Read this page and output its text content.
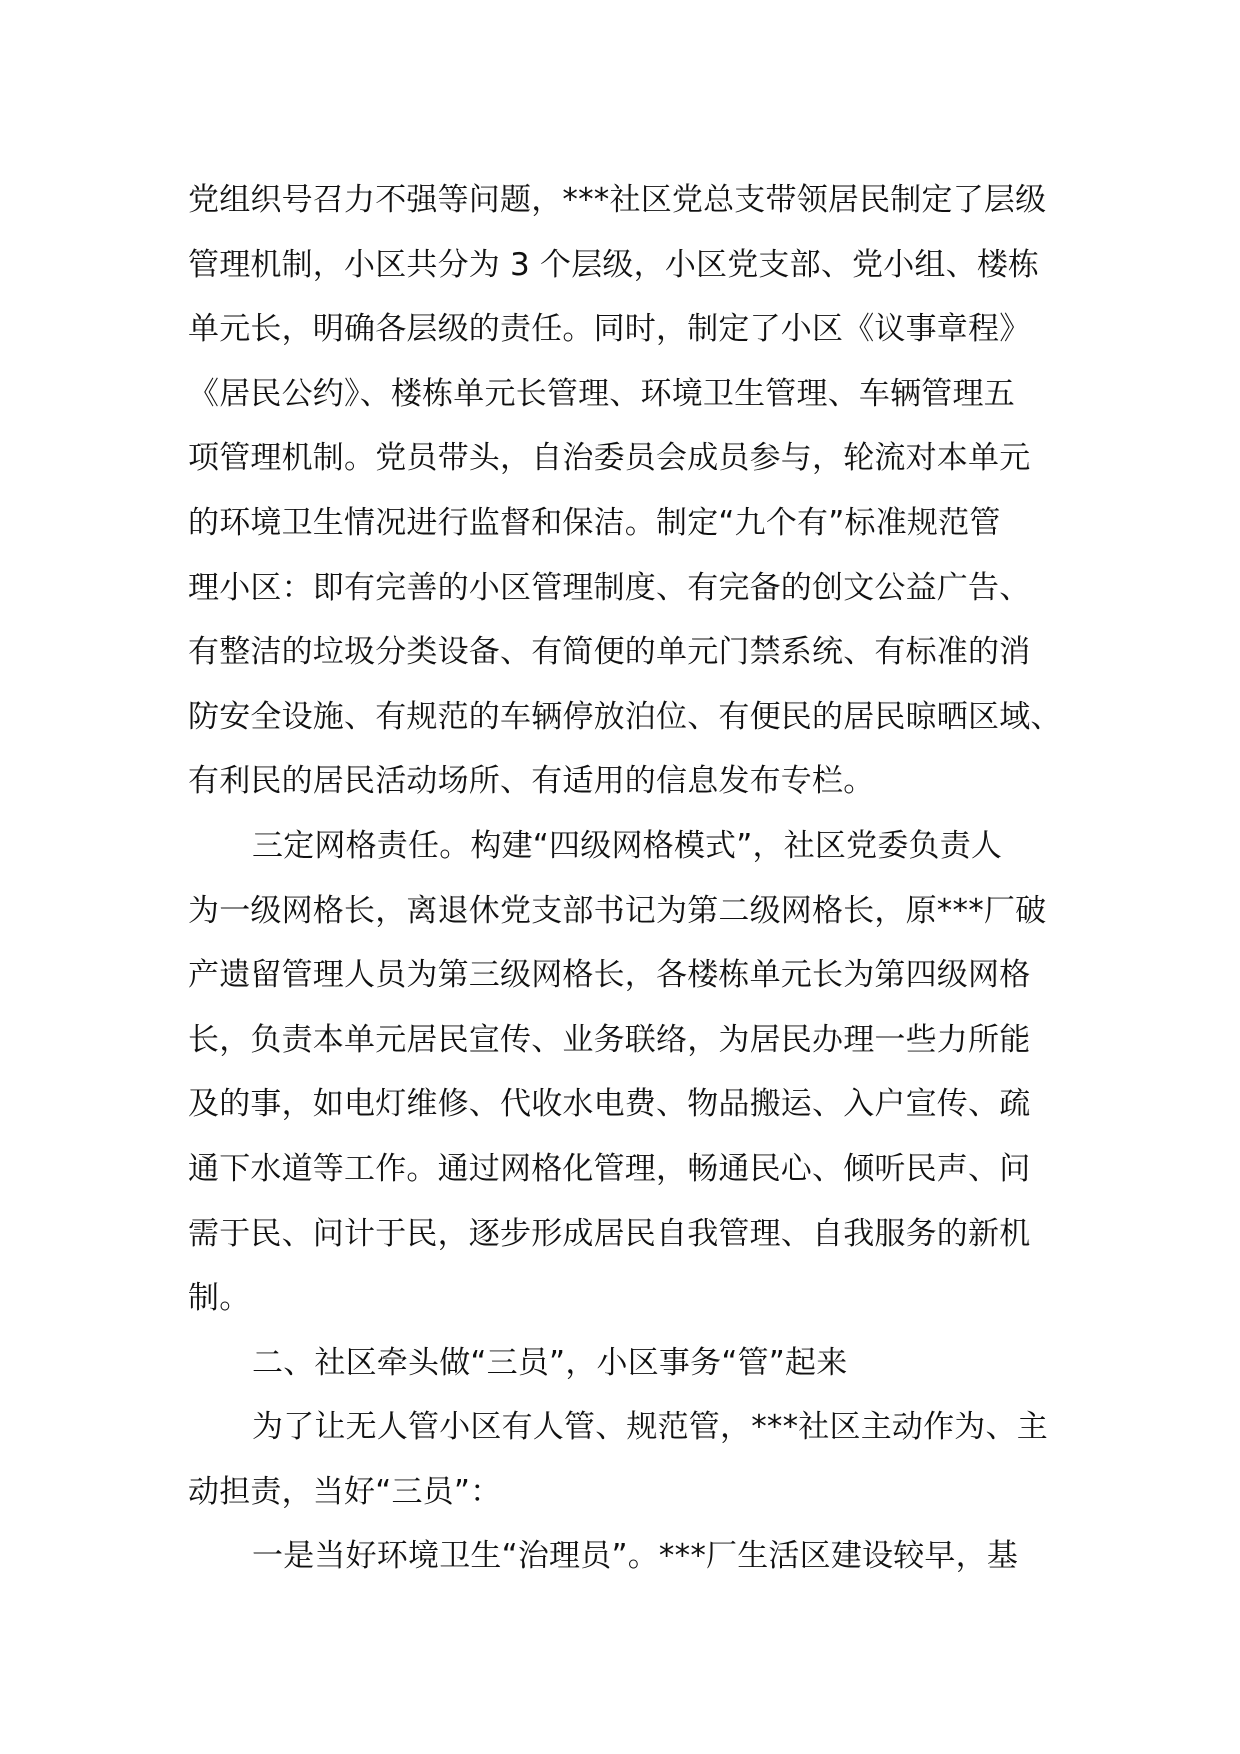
党组织号召力不强等问题，***社区党总支带领居民制定了层级
管理机制，小区共分为 3 个层级，小区党支部、党小组、楼栋
单元长，明确各层级的责任。同时，制定了小区《议事章程》
《居民公约》、楼栋单元长管理、环境卫生管理、车辆管理五
项管理机制。党员带头，自治委员会成员参与，轮流对本单元
的环境卫生情况进行监督和保洁。制定“九个有”标准规范管
理小区：即有完善的小区管理制度、有完备的创文公益广告、
有整洁的垃圾分类设备、有简便的单元门禁系统、有标准的消
防安全设施、有规范的车辆停放泊位、有便民的居民晾晒区域、
有利民的居民活动场所、有适用的信息发布专栏。
三定网格责任。构建“四级网格模式”，社区党委负责人
为一级网格长，离退休党支部书记为第二级网格长，原***厂破
产遗留管理人员为第三级网格长，各楼栋单元长为第四级网格
长，负责本单元居民宣传、业务联络，为居民办理一些力所能
及的事，如电灯维修、代收水电费、物品搬运、入户宣传、疏
通下水道等工作。通过网格化管理，畅通民心、倾听民声、问
需于民、问计于民，逐步形成居民自我管理、自我服务的新机
制。
二、社区牵头做“三员”，小区事务“管”起来
为了让无人管小区有人管、规范管，***社区主动作为、主
动担责，当好“三员”：
一是当好环境卫生“治理员”。***厂生活区建设较早，基
